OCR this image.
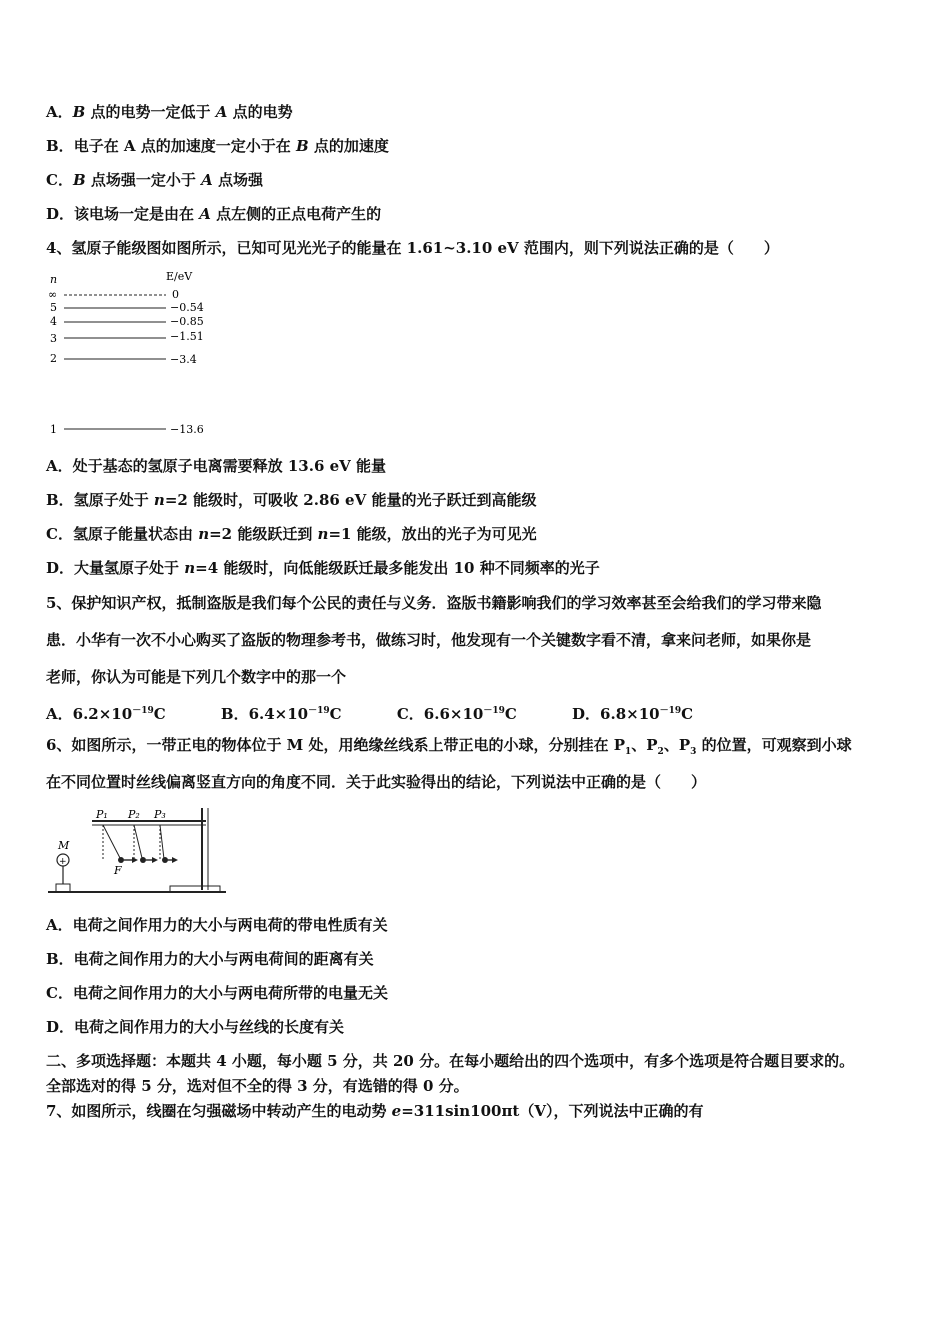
A．B 点的电势一定低于 A 点的电势
B．电子在 A 点的加速度一定小于在 B 点的加速度
C．B 点场强一定小于 A 点场强
D．该电场一定是由在 A 点左侧的正点电荷产生的
4、氢原子能级图如图所示，已知可见光光子的能量在 1.61~3.10 eV 范围内，则下列说法正确的是（　　）
n	E/eV
∞	0
5	−0.54
4	−0.85
3	−1.51
2	−3.4
1	−13.6
A．处于基态的氢原子电离需要释放 13.6 eV 能量
B．氢原子处于 n=2 能级时，可吸收 2.86 eV 能量的光子跃迁到高能级
C．氢原子能量状态由 n=2 能级跃迁到 n=1 能级，放出的光子为可见光
D．大量氢原子处于 n=4 能级时，向低能级跃迁最多能发出 10 种不同频率的光子
5、保护知识产权，抵制盗版是我们每个公民的责任与义务．盗版书籍影响我们的学习效率甚至会给我们的学习带来隐
患．小华有一次不小心购买了盗版的物理参考书，做练习时，他发现有一个关键数字看不清，拿来问老师，如果你是
老师，你认为可能是下列几个数字中的那一个
A．$6.2\times 10^{-19}C$	B．$6.4\times 10^{-19}C$	C．$6.6\times 10^{-19}C$	D．$6.8\times 10^{-19}C$
6、如图所示，一带正电的物体位于 M 处，用绝缘丝线系上带正电的小球，分别挂在 $P_1$、$P_2$、$P_3$ 的位置，可观察到小球
在不同位置时丝线偏离竖直方向的角度不同．关于此实验得出的结论，下列说法中正确的是（　　）
M
+
P₁ P₂ P₃
F
A．电荷之间作用力的大小与两电荷的带电性质有关
B．电荷之间作用力的大小与两电荷间的距离有关
C．电荷之间作用力的大小与两电荷所带的电量无关
D．电荷之间作用力的大小与丝线的长度有关
二、多项选择题：本题共 4 小题，每小题 5 分，共 20 分。在每小题给出的四个选项中，有多个选项是符合题目要求的。
全部选对的得 5 分，选对但不全的得 3 分，有选错的得 0 分。
7、如图所示，线圈在匀强磁场中转动产生的电动势 e=311sin100πt（V），下列说法中正确的有
